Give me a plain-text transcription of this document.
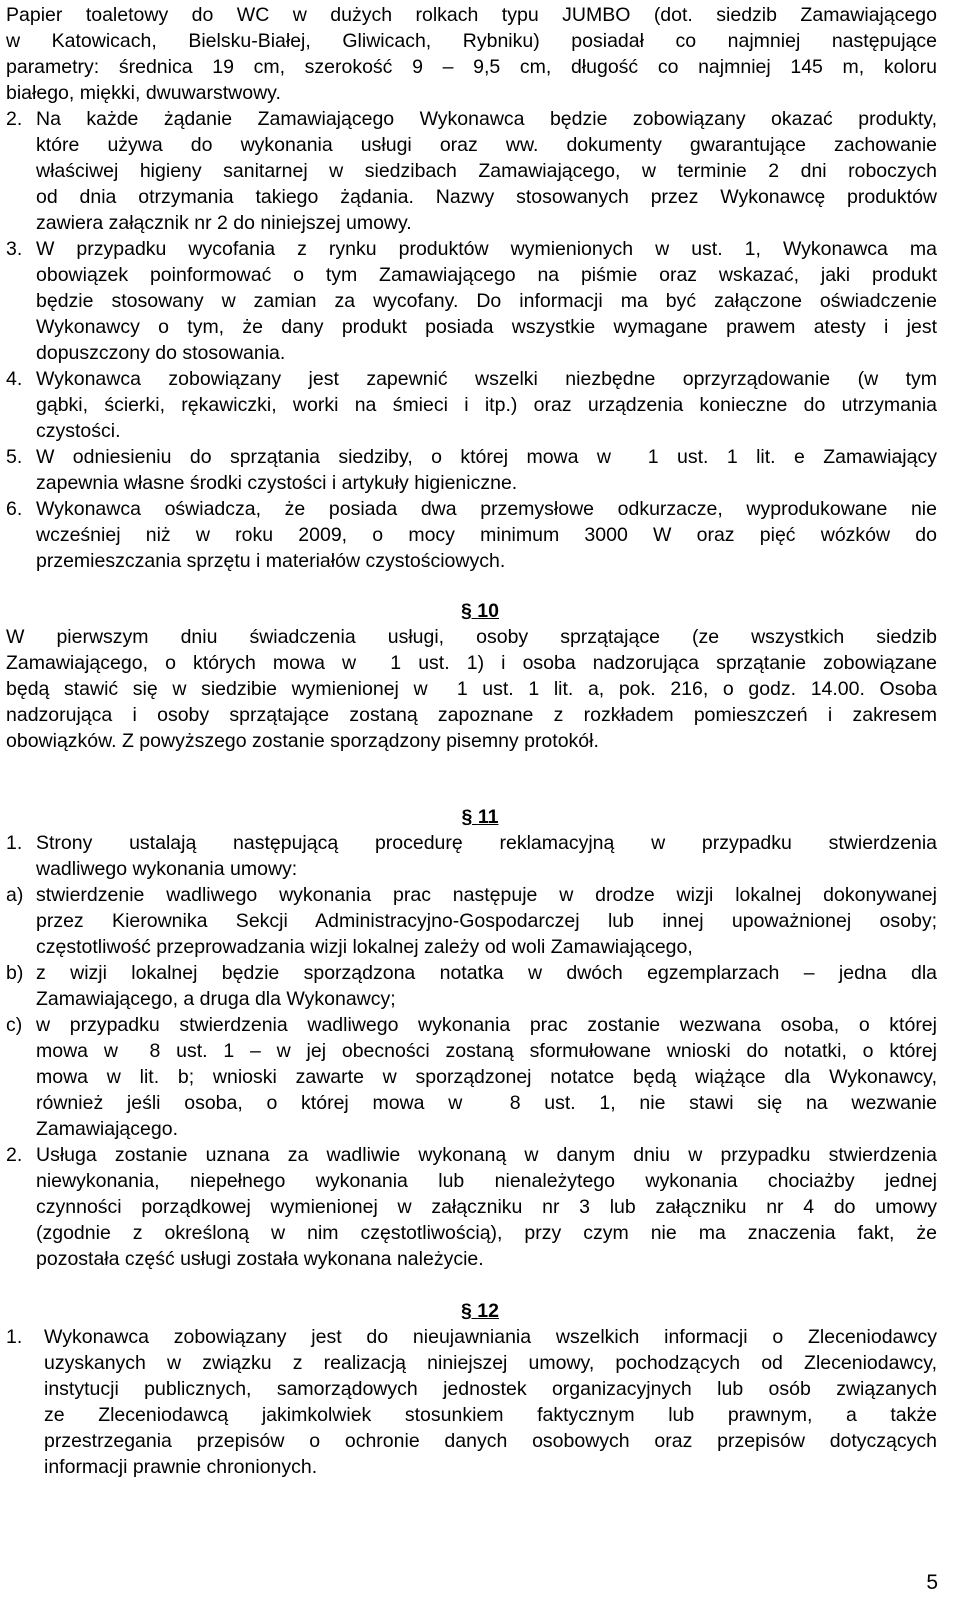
Papier toaletowy do WC w dużych rolkach typu JUMBO (dot. siedzib Zamawiającego
w Katowicach, Bielsku-Białej, Gliwicach, Rybniku) posiadał co najmniej następujące
parametry: średnica 19 cm, szerokość 9 – 9,5 cm, długość co najmniej 145 m, koloru
białego, miękki, dwuwarstwowy.
2. Na każde żądanie Zamawiającego Wykonawca będzie zobowiązany okazać produkty,
które używa do wykonania usługi oraz ww. dokumenty gwarantujące zachowanie
właściwej higieny sanitarnej w siedzibach Zamawiającego, w terminie 2 dni roboczych
od dnia otrzymania takiego żądania. Nazwy stosowanych przez Wykonawcę produktów
zawiera załącznik nr 2 do niniejszej umowy.
3. W przypadku wycofania z rynku produktów wymienionych w ust. 1, Wykonawca ma
obowiązek poinformować o tym Zamawiającego na piśmie oraz wskazać, jaki produkt
będzie stosowany w zamian za wycofany. Do informacji ma być załączone oświadczenie
Wykonawcy o tym, że dany produkt posiada wszystkie wymagane prawem atesty i jest
dopuszczony do stosowania.
4. Wykonawca zobowiązany jest zapewnić wszelki niezbędne oprzyrządowanie (w tym
gąbki, ścierki, rękawiczki, worki na śmieci i itp.) oraz urządzenia konieczne do utrzymania
czystości.
5. W odniesieniu do sprzątania siedziby, o której mowa w  1 ust. 1 lit. e Zamawiający
zapewnia własne środki czystości i artykuły higieniczne.
6. Wykonawca oświadcza, że posiada dwa przemysłowe odkurzacze, wyprodukowane nie
wcześniej niż w roku 2009, o mocy minimum 3000 W oraz pięć wózków do
przemieszczania sprzętu i materiałów czystościowych.
§ 10
W pierwszym dniu świadczenia usługi, osoby sprzątające (ze wszystkich siedzib
Zamawiającego, o których mowa w  1 ust. 1) i osoba nadzorująca sprzątanie zobowiązane
będą stawić się w siedzibie wymienionej w  1 ust. 1 lit. a, pok. 216, o godz. 14.00. Osoba
nadzorująca i osoby sprzątające zostaną zapoznane z rozkładem pomieszczeń i zakresem
obowiązków. Z powyższego zostanie sporządzony pisemny protokół.
§ 11
1. Strony ustalają następującą procedurę reklamacyjną w przypadku stwierdzenia
wadliwego wykonania umowy:
a) stwierdzenie wadliwego wykonania prac następuje w drodze wizji lokalnej dokonywanej
przez Kierownika Sekcji Administracyjno-Gospodarczej lub innej upoważnionej osoby;
częstotliwość przeprowadzania wizji lokalnej zależy od woli Zamawiającego,
b) z wizji lokalnej będzie sporządzona notatka w dwóch egzemplarzach – jedna dla
Zamawiającego, a druga dla Wykonawcy;
c) w przypadku stwierdzenia wadliwego wykonania prac zostanie wezwana osoba, o której
mowa w  8 ust. 1 – w jej obecności zostaną sformułowane wnioski do notatki, o której
mowa w lit. b; wnioski zawarte w sporządzonej notatce będą wiążące dla Wykonawcy,
również jeśli osoba, o której mowa w  8 ust. 1, nie stawi się na wezwanie
Zamawiającego.
2. Usługa zostanie uznana za wadliwie wykonaną w danym dniu w przypadku stwierdzenia
niewykonania, niepełnego wykonania lub nienależytego wykonania chociażby jednej
czynności porządkowej wymienionej w załączniku nr 3 lub załączniku nr 4 do umowy
(zgodnie z określoną w nim częstotliwością), przy czym nie ma znaczenia fakt, że
pozostała część usługi została wykonana należycie.
§ 12
1. Wykonawca zobowiązany jest do nieujawniania wszelkich informacji o Zleceniodawcy
uzyskanych w związku z realizacją niniejszej umowy, pochodzących od Zleceniodawcy,
instytucji publicznych, samorządowych jednostek organizacyjnych lub osób związanych
ze Zleceniodawcą jakimkolwiek stosunkiem faktycznym lub prawnym, a także
przestrzegania przepisów o ochronie danych osobowych oraz przepisów dotyczących
informacji prawnie chronionych.
5
